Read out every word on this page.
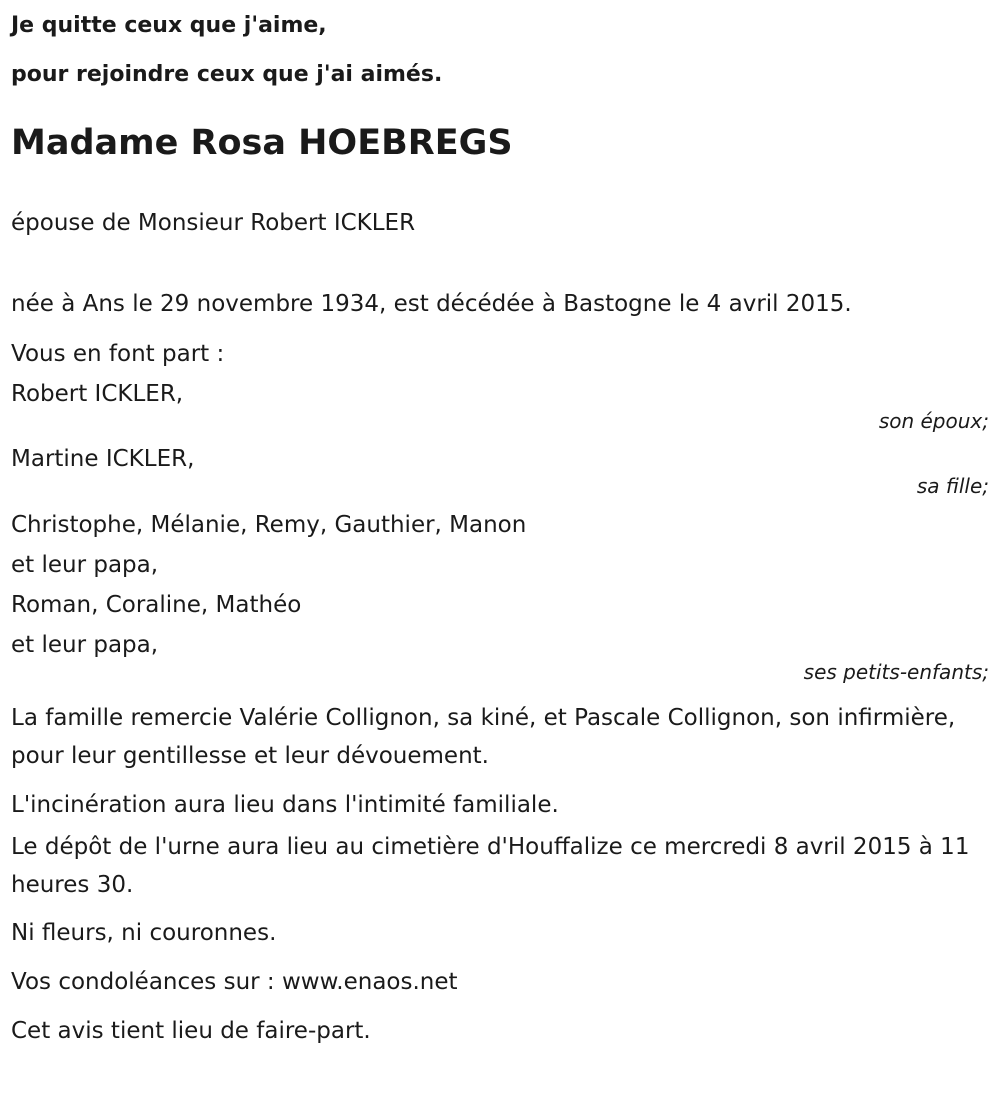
Je quitte ceux que j'aime,

pour rejoindre ceux que j'ai aimés.

Madame Rosa HOEBREGS

épouse de Monsieur Robert ICKLER

née à Ans le 29 novembre 1934, est décédée à Bastogne le 4 avril 2015.

Vous en font part :

Robert ICKLER,

son époux;

Martine ICKLER,

sa fille;

Christophe, Mélanie, Remy, Gauthier, Manon

et leur papa,

Roman, Coraline, Mathéo

et leur papa,

ses petits-enfants;

La famille remercie Valérie Collignon, sa kiné, et Pascale Collignon, son infirmière, pour leur gentillesse et leur dévouement.

L'incinération aura lieu dans l'intimité familiale.

Le dépôt de l'urne aura lieu au cimetière d'Houffalize ce mercredi 8 avril 2015 à 11 heures 30.

Ni fleurs, ni couronnes.

Vos condoléances sur : www.enaos.net

Cet avis tient lieu de faire-part.
